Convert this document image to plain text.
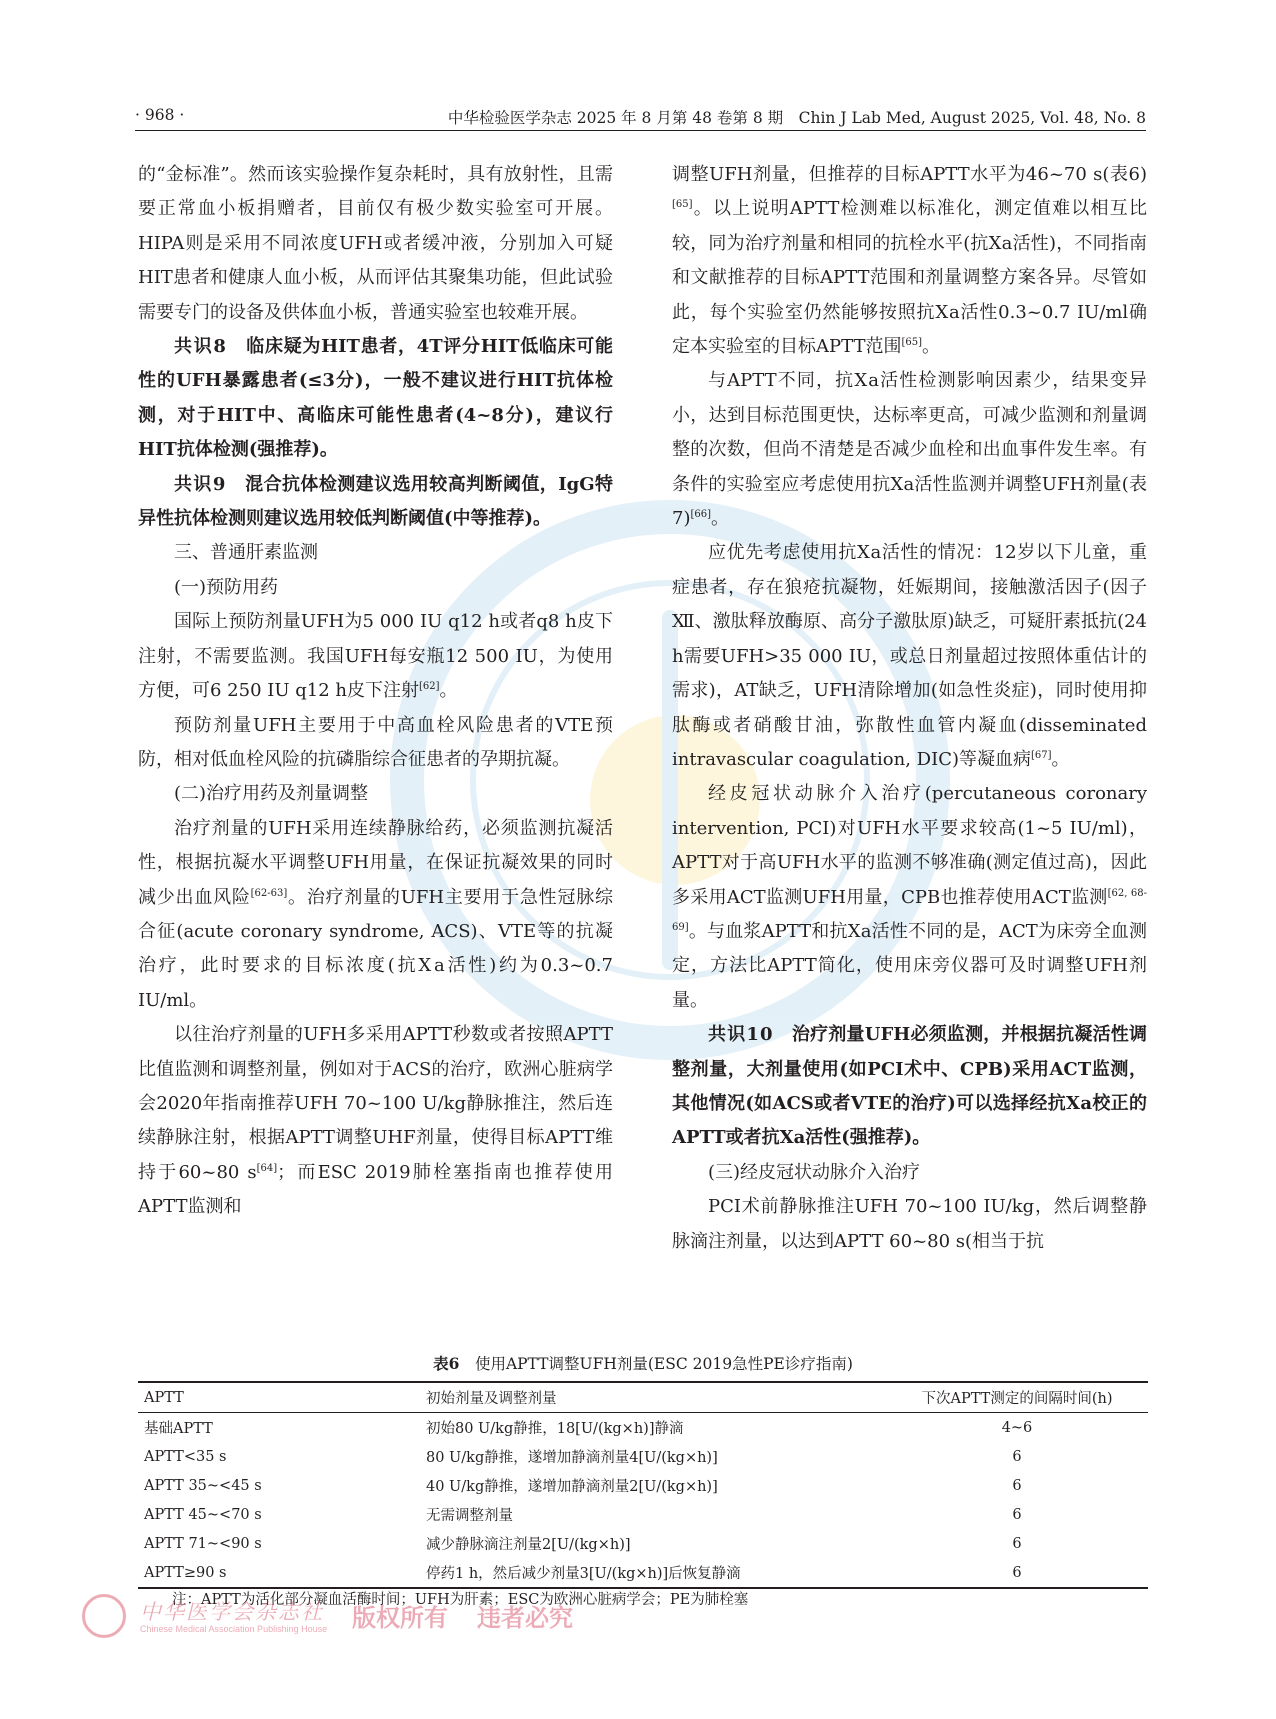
· 968 ·	中华检验医学杂志 2025 年 8 月第 48 卷第 8 期　Chin J Lab Med, August 2025, Vol. 48, No. 8

的“金标准”。然而该实验操作复杂耗时，具有放射性，且需要正常血小板捐赠者，目前仅有极少数实验室可开展。HIPA则是采用不同浓度UFH或者缓冲液，分别加入可疑HIT患者和健康人血小板，从而评估其聚集功能，但此试验需要专门的设备及供体血小板，普通实验室也较难开展。

共识8　临床疑为HIT患者，4T评分HIT低临床可能性的UFH暴露患者(≤3分)，一般不建议进行HIT抗体检测，对于HIT中、高临床可能性患者(4~8分)，建议行HIT抗体检测(强推荐)。

共识9　混合抗体检测建议选用较高判断阈值，IgG特异性抗体检测则建议选用较低判断阈值(中等推荐)。

三、普通肝素监测

(一)预防用药

国际上预防剂量UFH为5 000 IU q12 h或者q8 h皮下注射，不需要监测。我国UFH每安瓶12 500 IU，为使用方便，可6 250 IU q12 h皮下注射[62]。

预防剂量UFH主要用于中高血栓风险患者的VTE预防，相对低血栓风险的抗磷脂综合征患者的孕期抗凝。

(二)治疗用药及剂量调整

治疗剂量的UFH采用连续静脉给药，必须监测抗凝活性，根据抗凝水平调整UFH用量，在保证抗凝效果的同时减少出血风险[62-63]。治疗剂量的UFH主要用于急性冠脉综合征(acute coronary syndrome, ACS)、VTE等的抗凝治疗，此时要求的目标浓度(抗Ⅹa活性)约为0.3~0.7 IU/ml。

以往治疗剂量的UFH多采用APTT秒数或者按照APTT比值监测和调整剂量，例如对于ACS的治疗，欧洲心脏病学会2020年指南推荐UFH 70~100 U/kg静脉推注，然后连续静脉注射，根据APTT调整UHF剂量，使得目标APTT维持于60~80 s[64]；而ESC 2019肺栓塞指南也推荐使用APTT监测和

调整UFH剂量，但推荐的目标APTT水平为46~70 s(表6)[65]。以上说明APTT检测难以标准化，测定值难以相互比较，同为治疗剂量和相同的抗栓水平(抗Ⅹa活性)，不同指南和文献推荐的目标APTT范围和剂量调整方案各异。尽管如此，每个实验室仍然能够按照抗Ⅹa活性0.3~0.7 IU/ml确定本实验室的目标APTT范围[65]。

与APTT不同，抗Ⅹa活性检测影响因素少，结果变异小，达到目标范围更快，达标率更高，可减少监测和剂量调整的次数，但尚不清楚是否减少血栓和出血事件发生率。有条件的实验室应考虑使用抗Ⅹa活性监测并调整UFH剂量(表7)[66]。

应优先考虑使用抗Ⅹa活性的情况：12岁以下儿童，重症患者，存在狼疮抗凝物，妊娠期间，接触激活因子(因子Ⅻ、激肽释放酶原、高分子激肽原)缺乏，可疑肝素抵抗(24 h需要UFH>35 000 IU，或总日剂量超过按照体重估计的需求)，AT缺乏，UFH清除增加(如急性炎症)，同时使用抑肽酶或者硝酸甘油，弥散性血管内凝血(disseminated intravascular coagulation, DIC)等凝血病[67]。

经皮冠状动脉介入治疗(percutaneous coronary intervention, PCI)对UFH水平要求较高(1~5 IU/ml)，APTT对于高UFH水平的监测不够准确(测定值过高)，因此多采用ACT监测UFH用量，CPB也推荐使用ACT监测[62, 68-69]。与血浆APTT和抗Ⅹa活性不同的是，ACT为床旁全血测定，方法比APTT简化，使用床旁仪器可及时调整UFH剂量。

共识10　治疗剂量UFH必须监测，并根据抗凝活性调整剂量，大剂量使用(如PCI术中、CPB)采用ACT监测，其他情况(如ACS或者VTE的治疗)可以选择经抗Ⅹa校正的APTT或者抗Ⅹa活性(强推荐)。

(三)经皮冠状动脉介入治疗

PCI术前静脉推注UFH 70~100 IU/kg，然后调整静脉滴注剂量，以达到APTT 60~80 s(相当于抗

表6　 使用APTT调整UFH剂量(ESC 2019急性PE诊疗指南)
APTT	初始剂量及调整剂量	下次APTT测定的间隔时间(h)
基础APTT	初始80 U/kg静推，18[U/(kg×h)]静滴	4~6
APTT<35 s	80 U/kg静推，遂增加静滴剂量4[U/(kg×h)]	6
APTT 35~<45 s	40 U/kg静推，遂增加静滴剂量2[U/(kg×h)]	6
APTT 45~<70 s	无需调整剂量	6
APTT 71~<90 s	减少静脉滴注剂量2[U/(kg×h)]	6
APTT≥90 s	停药1 h，然后减少剂量3[U/(kg×h)]后恢复静滴	6
注：APTT为活化部分凝血活酶时间；UFH为肝素；ESC为欧洲心脏病学会；PE为肺栓塞
中华医学会杂志社
Chinese Medical Association Publishing House 版权所有 违者必究
